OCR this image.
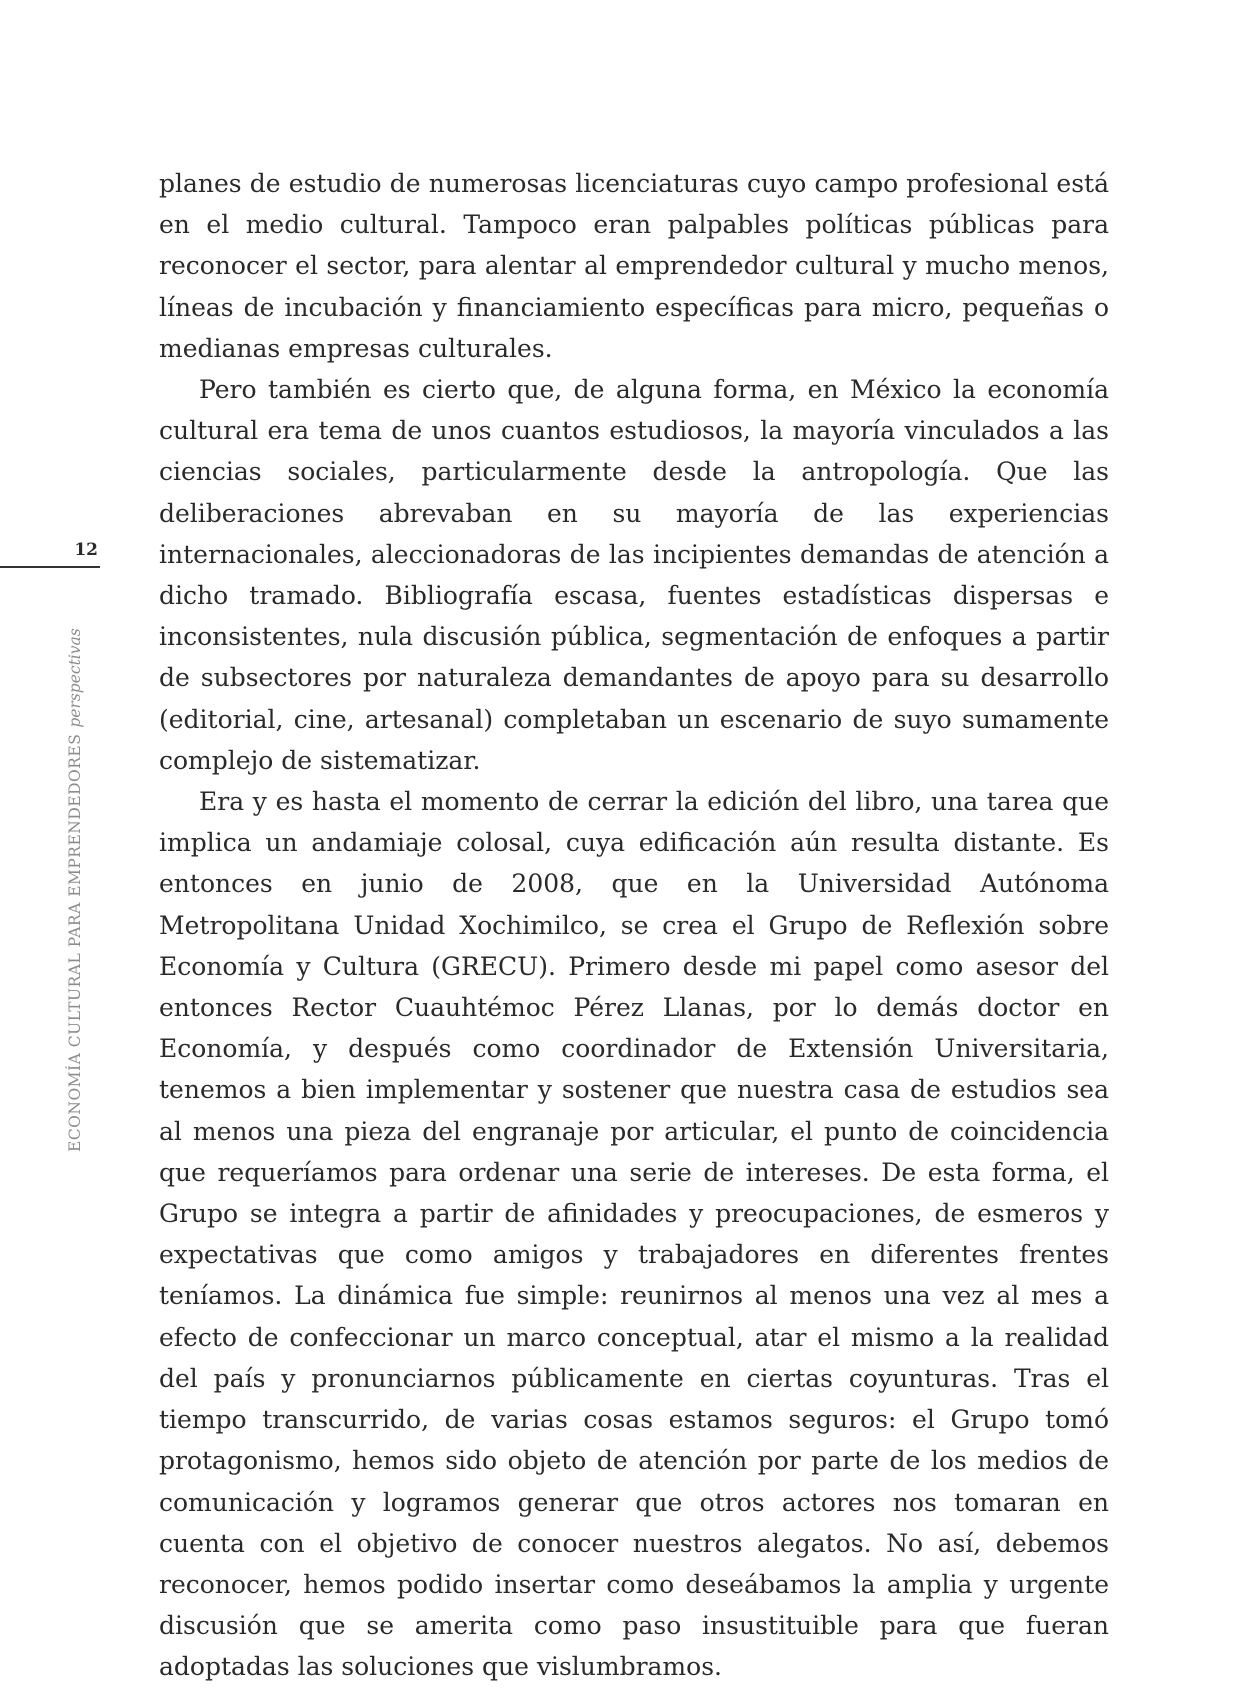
12
ECONOMÍA CULTURAL PARA EMPRENDEDORESperspectivas

planes de estudio de numerosas licenciaturas cuyo campo profesional está en el medio cultural. Tampoco eran palpables políticas públicas para reconocer el sector, para alentar al emprendedor cultural y mucho menos, líneas de incubación y financiamiento específicas para micro, pequeñas o medianas empresas culturales.

Pero también es cierto que, de alguna forma, en México la economía cultural era tema de unos cuantos estudiosos, la mayoría vinculados a las ciencias sociales, particularmente desde la antropología. Que las deliberaciones abrevaban en su mayoría de las experiencias internacionales, aleccionadoras de las incipientes demandas de atención a dicho tramado. Bibliografía escasa, fuentes estadísticas dispersas e inconsistentes, nula discusión pública, segmentación de enfoques a partir de subsectores por naturaleza demandantes de apoyo para su desarrollo (editorial, cine, artesanal) completaban un escenario de suyo sumamente complejo de sistematizar.

Era y es hasta el momento de cerrar la edición del libro, una tarea que implica un andamiaje colosal, cuya edificación aún resulta distante. Es entonces en junio de 2008, que en la Universidad Autónoma Metropolitana Unidad Xochimilco, se crea el Grupo de Reflexión sobre Economía y Cultura (GRECU). Primero desde mi papel como asesor del entonces Rector Cuauhtémoc Pérez Llanas, por lo demás doctor en Economía, y después como coordinador de Extensión Universitaria, tenemos a bien implementar y sostener que nuestra casa de estudios sea al menos una pieza del engranaje por articular, el punto de coincidencia que requeríamos para ordenar una serie de intereses. De esta forma, el Grupo se integra a partir de afinidades y preocupaciones, de esmeros y expectativas que como amigos y trabajadores en diferentes frentes teníamos. La dinámica fue simple: reunirnos al menos una vez al mes a efecto de confeccionar un marco conceptual, atar el mismo a la realidad del país y pronunciarnos públicamente en ciertas coyunturas. Tras el tiempo transcurrido, de varias cosas estamos seguros: el Grupo tomó protagonismo, hemos sido objeto de atención por parte de los medios de comunicación y logramos generar que otros actores nos tomaran en cuenta con el objetivo de conocer nuestros alegatos. No así, debemos reconocer, hemos podido insertar como deseábamos la amplia y urgente discusión que se amerita como paso insustituible para que fueran adoptadas las soluciones que vislumbramos.
